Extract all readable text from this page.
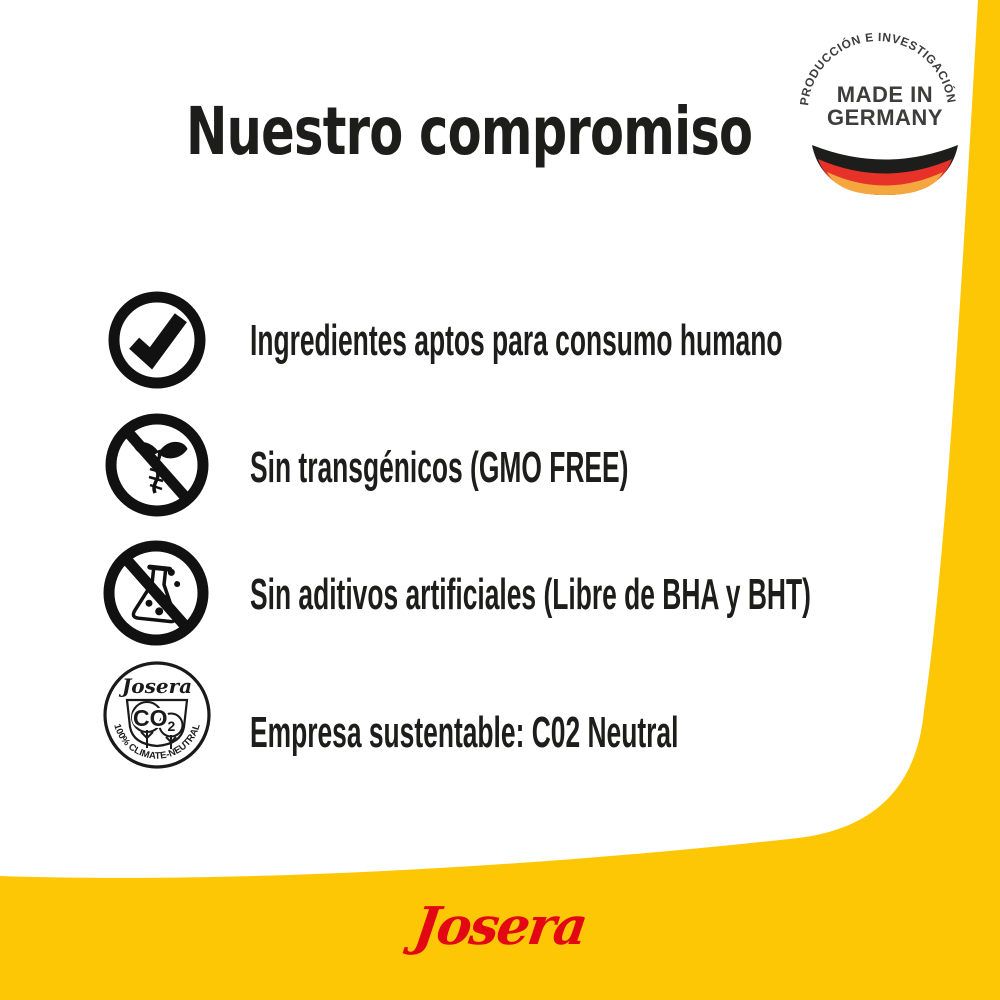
Nuestro compromiso	PRODUCCIÓN E INVESTIGACIÓN
MADE IN
GERMANY
Ingredientes aptos para consumo humano
Sin transgénicos (GMO FREE)
Sin aditivos artificiales (Libre de BHA y BHT)
Josera
$CO_2$
100% CLIMATE-NEUTRAL Empresa sustentable: C02 Neutral
Josera
